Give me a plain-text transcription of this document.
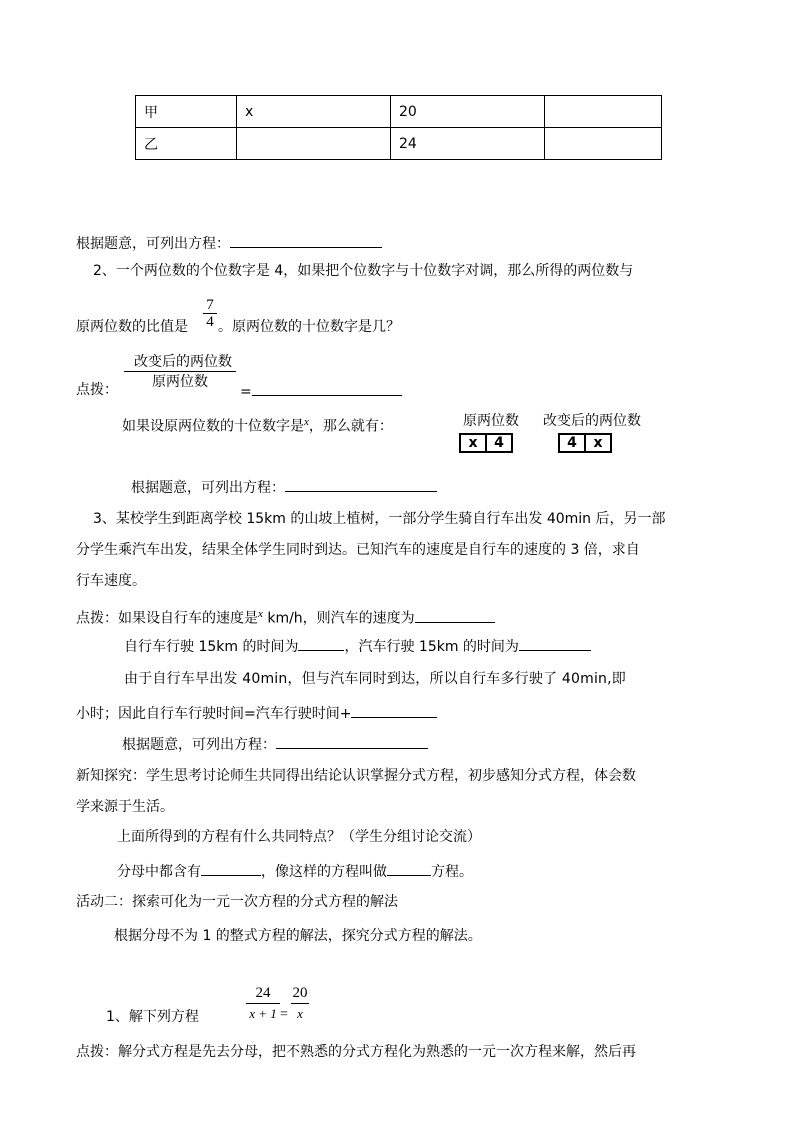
甲	x	20	
乙		24	
根据题意，可列出方程：
2、一个两位数的个位数字是 4，如果把个位数字与十位数字对调，那么所得的两位数与
$\frac{7}{4}$
原两位数的比值是 。原两位数的十位数字是几？
改变后的两位数
原两位数
点拨：	=
如果设原两位数的十位数字是$^x$，那么就有：	原两位数 改变后的两位数
x	4	4	x
根据题意，可列出方程：
3、某校学生到距离学校 15km 的山坡上植树，一部分学生骑自行车出发 40min 后，另一部
分学生乘汽车出发，结果全体学生同时到达。已知汽车的速度是自行车的速度的 3 倍，求自
行车速度。
点拨：如果设自行车的速度是$^x$ km/h，则汽车的速度为
自行车行驶 15km 的时间为	，汽车行驶 15km 的时间为
由于自行车早出发 40min，但与汽车同时到达，所以自行车多行驶了 40min,即
小时；因此自行车行驶时间=汽车行驶时间+
根据题意，可列出方程：
新知探究：学生思考讨论师生共同得出结论认识掌握分式方程，初步感知分式方程，体会数
学来源于生活。
上面所得到的方程有什么共同特点？（学生分组讨论交流）
分母中都含有	，像这样的方程叫做	方程。
活动二：探索可化为一元一次方程的分式方程的解法
根据分母不为 1 的整式方程的解法，探究分式方程的解法。
1、解下列方程	$\frac{24}{x + 1} = \frac{20}{x}$
点拨：解分式方程是先去分母，把不熟悉的分式方程化为熟悉的一元一次方程来解，然后再
